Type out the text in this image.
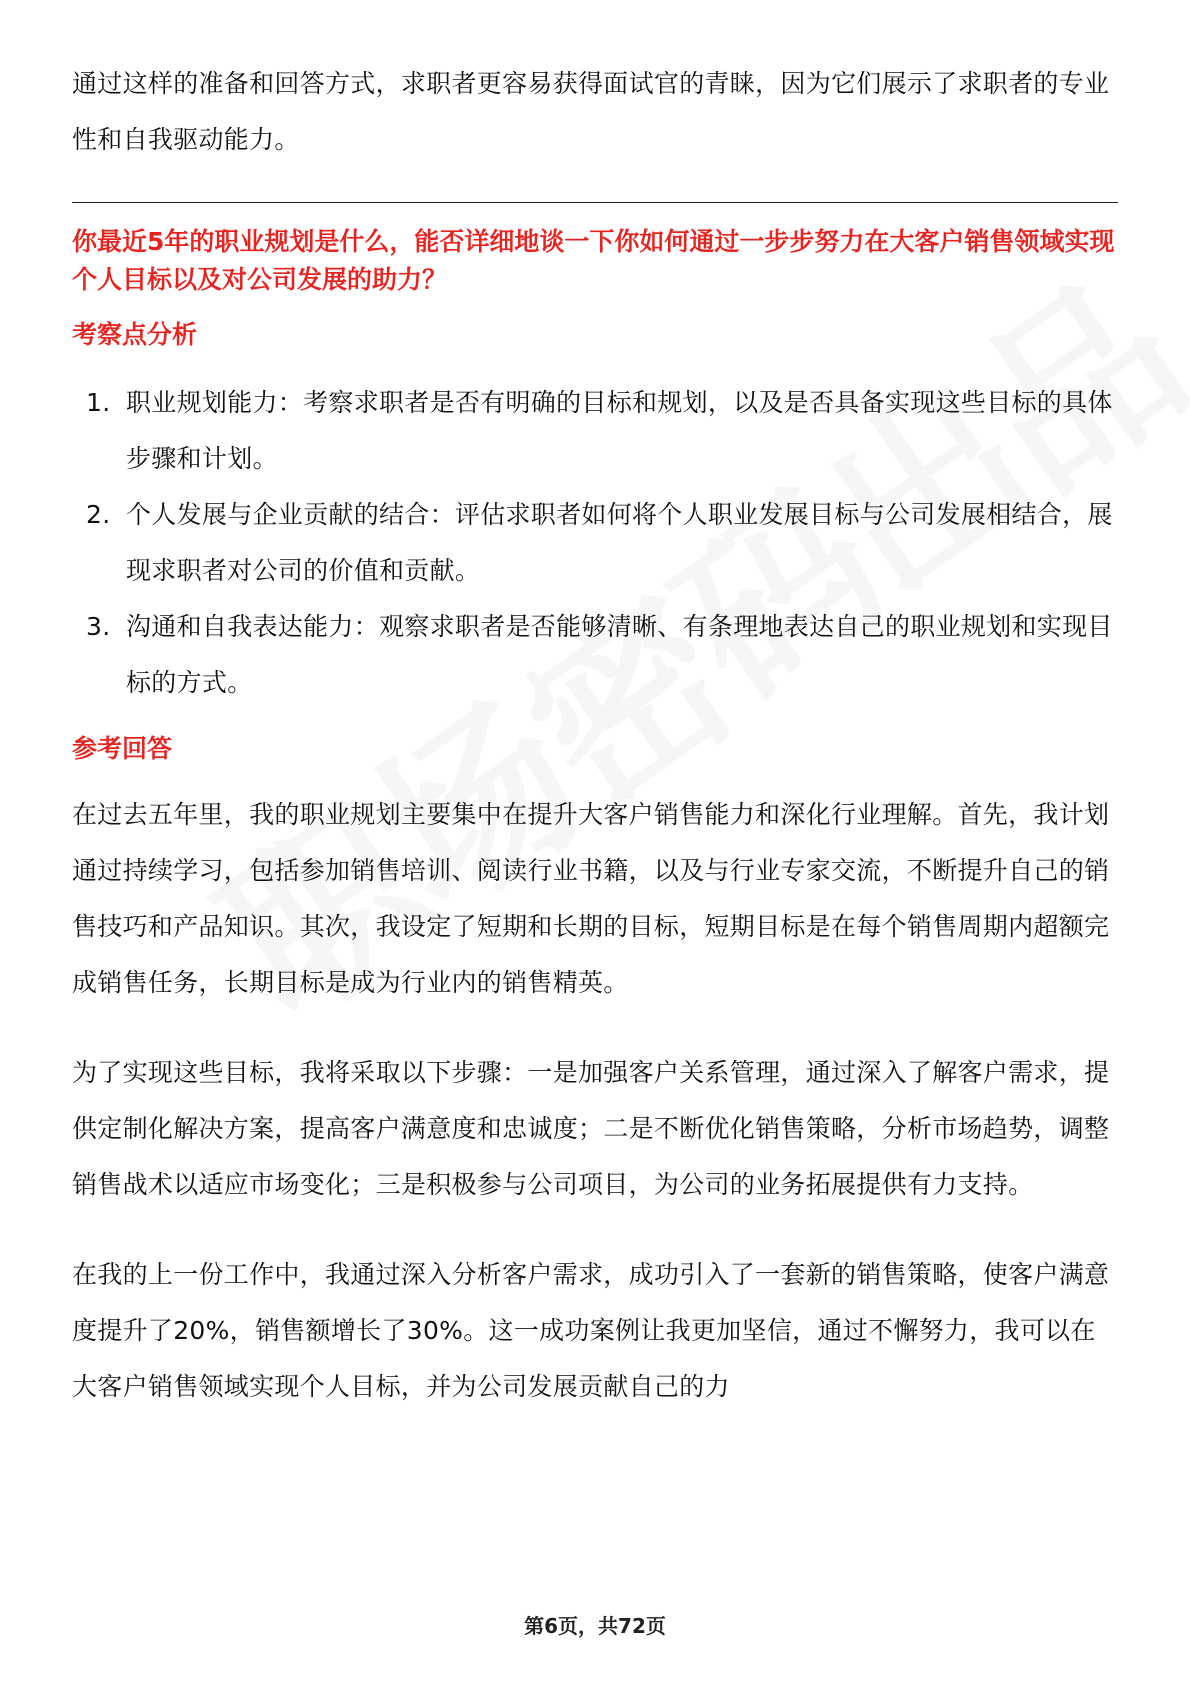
通过这样的准备和回答方式，求职者更容易获得面试官的青睐，因为它们展示了求职者的专业性和自我驱动能力。

你最近5年的职业规划是什么，能否详细地谈一下你如何通过一步步努力在大客户销售领域实现个人目标以及对公司发展的助力？

考察点分析
1. 职业规划能力：考察求职者是否有明确的目标和规划，以及是否具备实现这些目标的具体步骤和计划。
2. 个人发展与企业贡献的结合：评估求职者如何将个人职业发展目标与公司发展相结合，展现求职者对公司的价值和贡献。
3. 沟通和自我表达能力：观察求职者是否能够清晰、有条理地表达自己的职业规划和实现目标的方式。
参考回答

在过去五年里，我的职业规划主要集中在提升大客户销售能力和深化行业理解。首先，我计划通过持续学习，包括参加销售培训、阅读行业书籍，以及与行业专家交流，不断提升自己的销售技巧和产品知识。其次，我设定了短期和长期的目标，短期目标是在每个销售周期内超额完成销售任务，长期目标是成为行业内的销售精英。

为了实现这些目标，我将采取以下步骤：一是加强客户关系管理，通过深入了解客户需求，提供定制化解决方案，提高客户满意度和忠诚度；二是不断优化销售策略，分析市场趋势，调整销售战术以适应市场变化；三是积极参与公司项目，为公司的业务拓展提供有力支持。

在我的上一份工作中，我通过深入分析客户需求，成功引入了一套新的销售策略，使客户满意度提升了20%，销售额增长了30%。这一成功案例让我更加坚信，通过不懈努力，我可以在大客户销售领域实现个人目标，并为公司发展贡献自己的力

第6页，共72页
